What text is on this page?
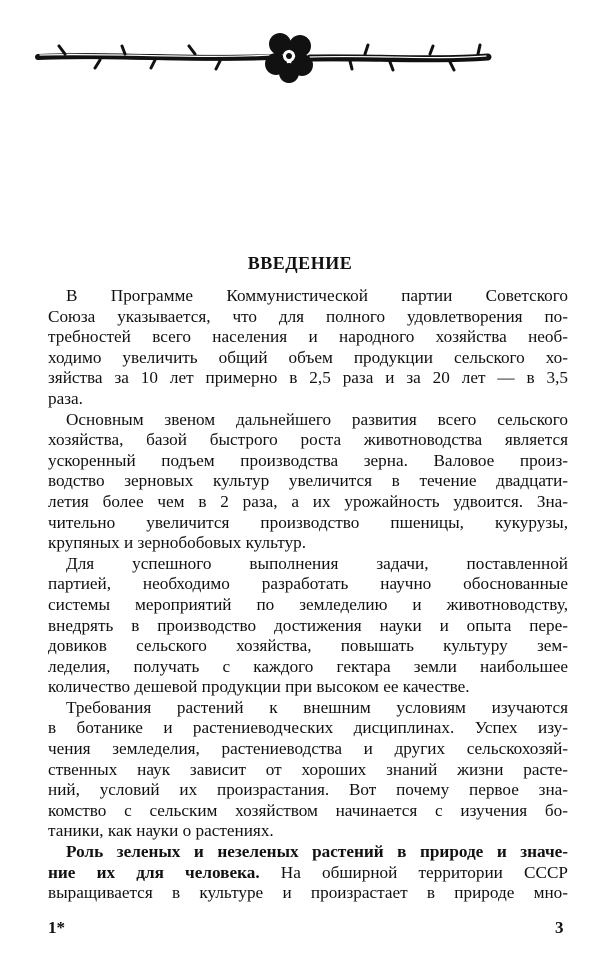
ВВЕДЕНИЕ
В Программе Коммунистической партии Советского
Союза указывается, что для полного удовлетворения по-
требностей всего населения и народного хозяйства необ-
ходимо увеличить общий объем продукции сельского хо-
зяйства за 10 лет примерно в 2,5 раза и за 20 лет — в 3,5
раза.
Основным звеном дальнейшего развития всего сельского
хозяйства, базой быстрого роста животноводства является
ускоренный подъем производства зерна. Валовое произ-
водство зерновых культур увеличится в течение двадцати-
летия более чем в 2 раза, а их урожайность удвоится. Зна-
чительно увеличится производство пшеницы, кукурузы,
крупяных и зернобобовых культур.
Для успешного выполнения задачи, поставленной
партией, необходимо разработать научно обоснованные
системы мероприятий по земледелию и животноводству,
внедрять в производство достижения науки и опыта пере-
довиков сельского хозяйства, повышать культуру зем-
леделия, получать с каждого гектара земли наибольшее
количество дешевой продукции при высоком ее качестве.
Требования растений к внешним условиям изучаются
в ботанике и растениеводческих дисциплинах. Успех изу-
чения земледелия, растениеводства и других сельскохозяй-
ственных наук зависит от хороших знаний жизни расте-
ний, условий их произрастания. Вот почему первое зна-
комство с сельским хозяйством начинается с изучения бо-
таники, как науки о растениях.
Роль зеленых и незеленых растений в природе и значе-
ние их для человека. На обширной территории СССР
выращивается в культуре и произрастает в природе мно-
1*	3
